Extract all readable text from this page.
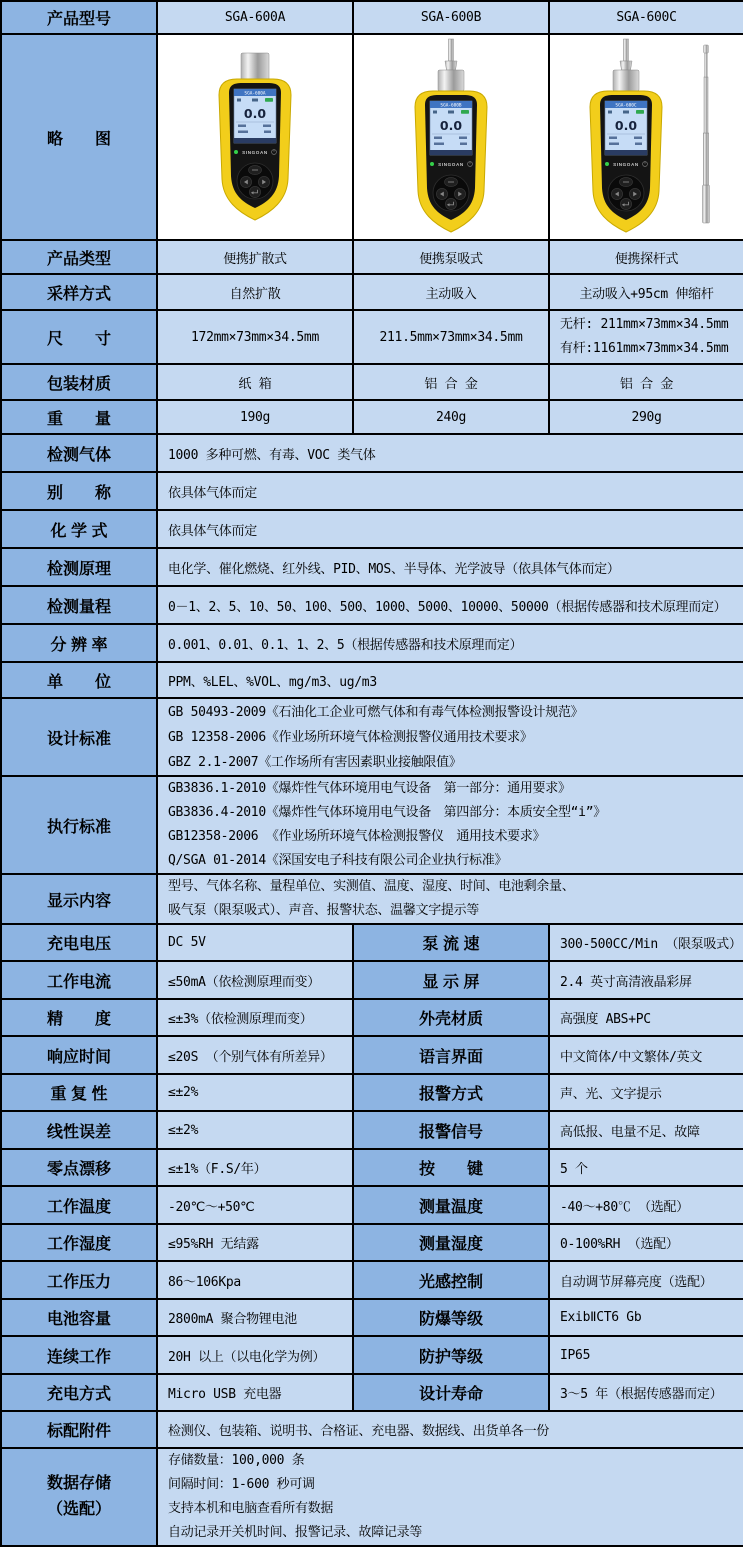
产品型号	SGA-600A	SGA-600B	SGA-600C
略　　图	SGA-600A
0.0
SINGOAN	SGA-600B
0.0
SINGOAN	SGA-600C
0.0
SINGOAN

产品类型	便携扩散式	便携泵吸式	便携探杆式
采样方式	自然扩散	主动吸入	主动吸入+95cm 伸缩杆
尺　　寸	172mm×73mm×34.5mm	211.5mm×73mm×34.5mm	无杆: 211mm×73mm×34.5mm
有杆:1161mm×73mm×34.5mm

包装材质	纸 箱	铝 合 金	铝 合 金
重　　量	190g	240g	290g
检测气体	1000 多种可燃、有毒、VOC 类气体		
别　　称	依具体气体而定		
化 学 式	依具体气体而定		
检测原理	电化学、催化燃烧、红外线、PID、MOS、半导体、光学波导（依具体气体而定）		
检测量程	0－1、2、5、10、50、100、500、1000、5000、10000、50000（根据传感器和技术原理而定）		
分 辨 率	0.001、0.01、0.1、1、2、5（根据传感器和技术原理而定）		
单　　位	PPM、%LEL、%VOL、mg/m3、ug/m3		
设计标准	GB 50493-2009《石油化工企业可燃气体和有毒气体检测报警设计规范》
GB 12358-2006《作业场所环境气体检测报警仪通用技术要求》
GBZ 2.1-2007《工作场所有害因素职业接触限值》		

执行标准	GB3836.1-2010《爆炸性气体环境用电气设备　第一部分：通用要求》
GB3836.4-2010《爆炸性气体环境用电气设备　第四部分：本质安全型“i”》
GB12358-2006 《作业场所环境气体检测报警仪　通用技术要求》
Q/SGA 01-2014《深国安电子科技有限公司企业执行标准》		

显示内容	型号、气体名称、量程单位、实测值、温度、湿度、时间、电池剩余量、
吸气泵（限泵吸式）、声音、报警状态、温馨文字提示等		

充电电压	DC 5V	泵 流 速	300-500CC/Min （限泵吸式）
工作电流	≤50mA（依检测原理而变）	显 示 屏	2.4 英寸高清液晶彩屏
精　　度	≤±3%（依检测原理而变）	外壳材质	高强度 ABS+PC
响应时间	≤20S （个别气体有所差异）	语言界面	中文简体/中文繁体/英文
重 复 性	≤±2%	报警方式	声、光、文字提示
线性误差	≤±2%	报警信号	高低报、电量不足、故障
零点漂移	≤±1%（F.S/年）	按　　键	5 个
工作温度	-20℃～+50℃	测量温度	-40～+80℃ （选配）
工作湿度	≤95%RH 无结露	测量湿度	0-100%RH （选配）
工作压力	86～106Kpa	光感控制	自动调节屏幕亮度（选配）
电池容量	2800mA 聚合物锂电池	防爆等级	ExibⅡCT6 Gb
连续工作	20H 以上（以电化学为例）	防护等级	IP65
充电方式	Micro USB 充电器	设计寿命	3～5 年（根据传感器而定）
标配附件	检测仪、包装箱、说明书、合格证、充电器、数据线、出货单各一份		

数据存储
（选配）

存储数量：100,000 条
间隔时间：1-600 秒可调
支持本机和电脑查看所有数据
自动记录开关机时间、报警记录、故障记录等
